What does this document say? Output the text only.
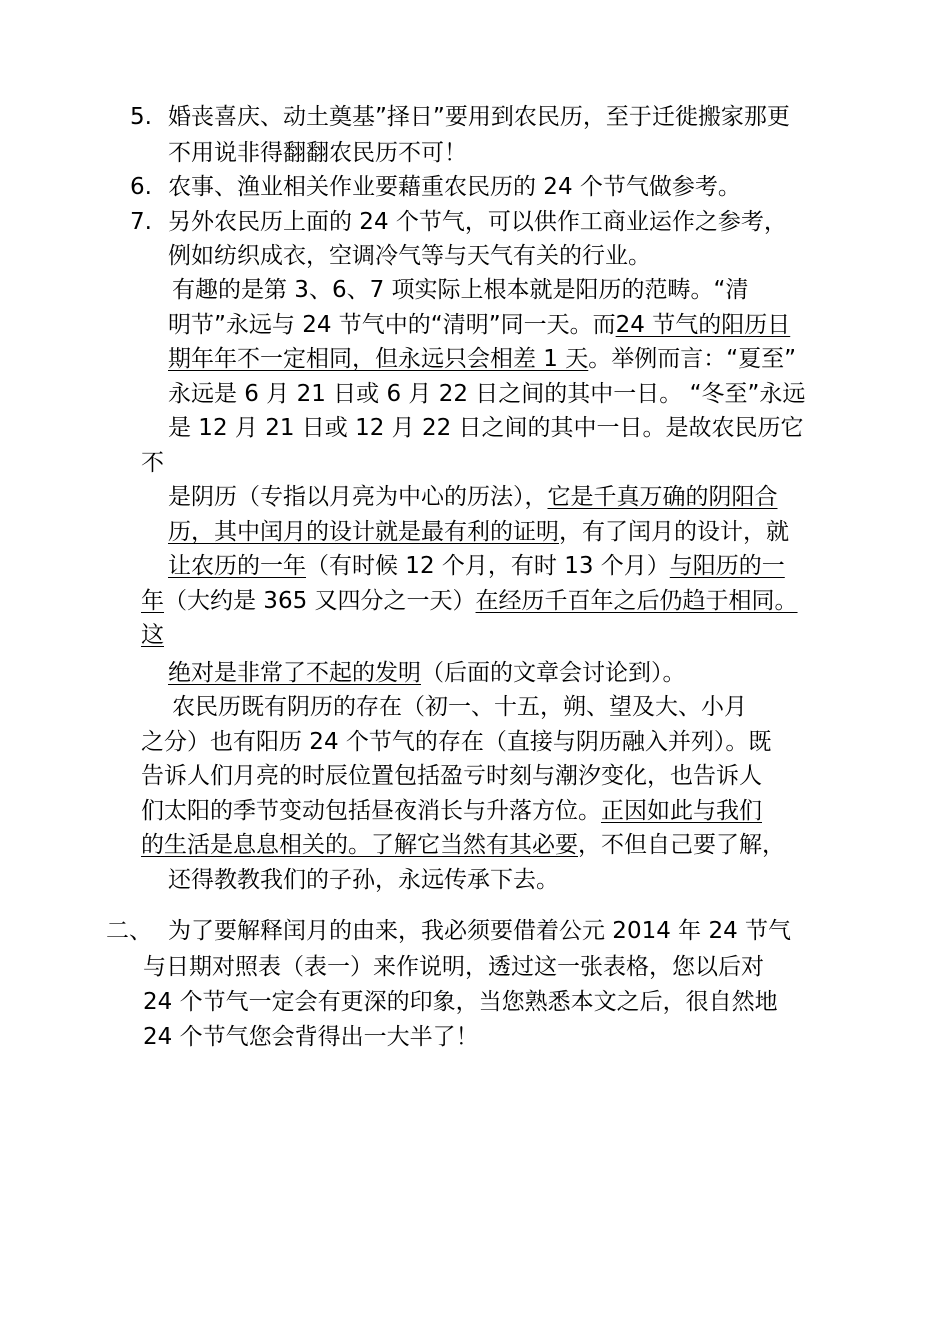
5. 婚丧喜庆、动土奠基”择日”要用到农民历，至于迁徙搬家那更
不用说非得翻翻农民历不可！
6. 农事、渔业相关作业要藉重农民历的 24 个节气做参考。
7. 另外农民历上面的 24 个节气，可以供作工商业运作之参考，
例如纺织成衣，空调冷气等与天气有关的行业。
有趣的是第 3、6、7 项实际上根本就是阳历的范畴。“清
明节”永远与 24 节气中的“清明”同一天。而24 节气的阳历日
期年年不一定相同，但永远只会相差 1 天。举例而言：“夏至”
永远是 6 月 21 日或 6 月 22 日之间的其中一日。 “冬至”永远
是 12 月 21 日或 12 月 22 日之间的其中一日。是故农民历它
不
是阴历（专指以月亮为中心的历法），它是千真万确的阴阳合
历，其中闰月的设计就是最有利的证明，有了闰月的设计，就
让农历的一年（有时候 12 个月，有时 13 个月）与阳历的一
年（大约是 365 又四分之一天）在经历千百年之后仍趋于相同。
这
绝对是非常了不起的发明（后面的文章会讨论到）。
农民历既有阴历的存在（初一、十五，朔、望及大、小月
之分）也有阳历 24 个节气的存在（直接与阴历融入并列）。既
告诉人们月亮的时辰位置包括盈亏时刻与潮汐变化，也告诉人
们太阳的季节变动包括昼夜消长与升落方位。正因如此与我们
的生活是息息相关的。了解它当然有其必要，不但自己要了解，
还得教教我们的子孙，永远传承下去。
二、 为了要解释闰月的由来，我必须要借着公元 2014 年 24 节气
与日期对照表（表一）来作说明，透过这一张表格，您以后对
24 个节气一定会有更深的印象，当您熟悉本文之后，很自然地
24 个节气您会背得出一大半了！
